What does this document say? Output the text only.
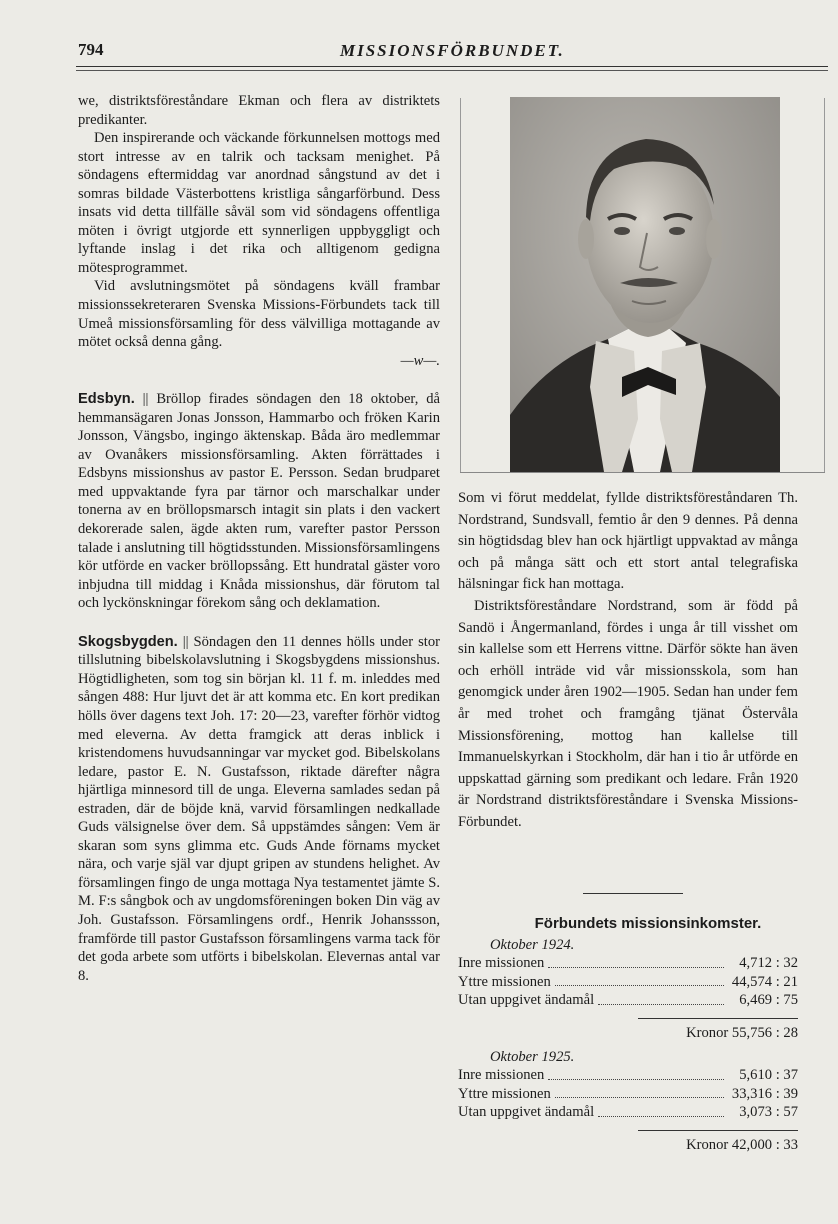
794	MISSIONSFÖRBUNDET.

we, distriktsföreståndare Ekman och flera av distriktets predikanter.

Den inspirerande och väckande förkunnelsen mottogs med stort intresse av en talrik och tacksam menighet. På söndagens eftermiddag var anordnad sångstund av det i somras bildade Västerbottens kristliga sångarförbund. Dess insats vid detta tillfälle såväl som vid söndagens offentliga möten i övrigt utgjorde ett synnerligen uppbyggligt och lyftande inslag i det rika och alltigenom gedigna mötesprogrammet.

Vid avslutningsmötet på söndagens kväll frambar missionssekreteraren Svenska Missions-Förbundets tack till Umeå missionsförsamling för dess välvilliga mottagande av mötet också denna gång.
—w—.

Edsbyn. || Bröllop firades söndagen den 18 oktober, då hemmansägaren Jonas Jonsson, Hammarbo och fröken Karin Jonsson, Vängsbo, ingingo äktenskap. Båda äro medlemmar av Ovanåkers missionsförsamling. Akten förrättades i Edsbyns missionshus av pastor E. Persson. Sedan brudparet med uppvaktande fyra par tärnor och marschalkar under tonerna av en bröllopsmarsch intagit sin plats i den vackert dekorerade salen, ägde akten rum, varefter pastor Persson talade i anslutning till högtidsstunden. Missionsförsamlingens kör utförde en vacker bröllopssång. Ett hundratal gäster voro inbjudna till middag i Knåda missionshus, där förutom tal och lyckönskningar förekom sång och deklamation.

Skogsbygden. || Söndagen den 11 dennes hölls under stor tillslutning bibelskolavslutning i Skogsbygdens missionshus. Högtidligheten, som tog sin början kl. 11 f. m. inleddes med sången 488: Hur ljuvt det är att komma etc. En kort predikan hölls över dagens text Joh. 17: 20—23, varefter förhör vidtog med eleverna. Av detta framgick att deras inblick i kristendomens huvudsanningar var mycket god. Bibelskolans ledare, pastor E. N. Gustafsson, riktade därefter några hjärtliga minnesord till de unga. Eleverna samlades sedan på estraden, där de böjde knä, varvid församlingen nedkallade Guds välsignelse över dem. Så uppstämdes sången: Vem är skaran som syns glimma etc. Guds Ande förnams mycket nära, och varje själ var djupt gripen av stundens helighet. Av församlingen fingo de unga mottaga Nya testamentet jämte S. M. F:s sångbok och av ungdomsföreningen boken Din väg av Joh. Gustafsson. Församlingens ordf., Henrik Johanssson, framförde till pastor Gustafsson församlingens varma tack för det goda arbete som utförts i bibelskolan. Elevernas antal var 8.

Som vi förut meddelat, fyllde distriktsföreståndaren Th. Nordstrand, Sundsvall, femtio år den 9 dennes. På denna sin högtidsdag blev han ock hjärtligt uppvaktad av många och på många sätt och ett stort antal telegrafiska hälsningar fick han mottaga.

Distriktsföreståndare Nordstrand, som är född på Sandö i Ångermanland, fördes i unga år till visshet om sin kallelse som ett Herrens vittne. Därför sökte han även och erhöll inträde vid vår missionsskola, som han genomgick under åren 1902—1905. Sedan han under fem år med trohet och framgång tjänat Östervåla Missionsförening, mottog han kallelse till Immanuelskyrkan i Stockholm, där han i tio år utförde en uppskattad gärning som predikant och ledare. Från 1920 är Nordstrand distriktsföreståndare i Svenska Missions-Förbundet.

Förbundets missionsinkomster.
Oktober 1924.
Inre missionen	4,712 : 32
Yttre missionen	44,574 : 21
Utan uppgivet ändamål	6,469 : 75
Kronor 55,756 : 28
Oktober 1925.
Inre missionen	5,610 : 37
Yttre missionen	33,316 : 39
Utan uppgivet ändamål	3,073 : 57
Kronor 42,000 : 33
